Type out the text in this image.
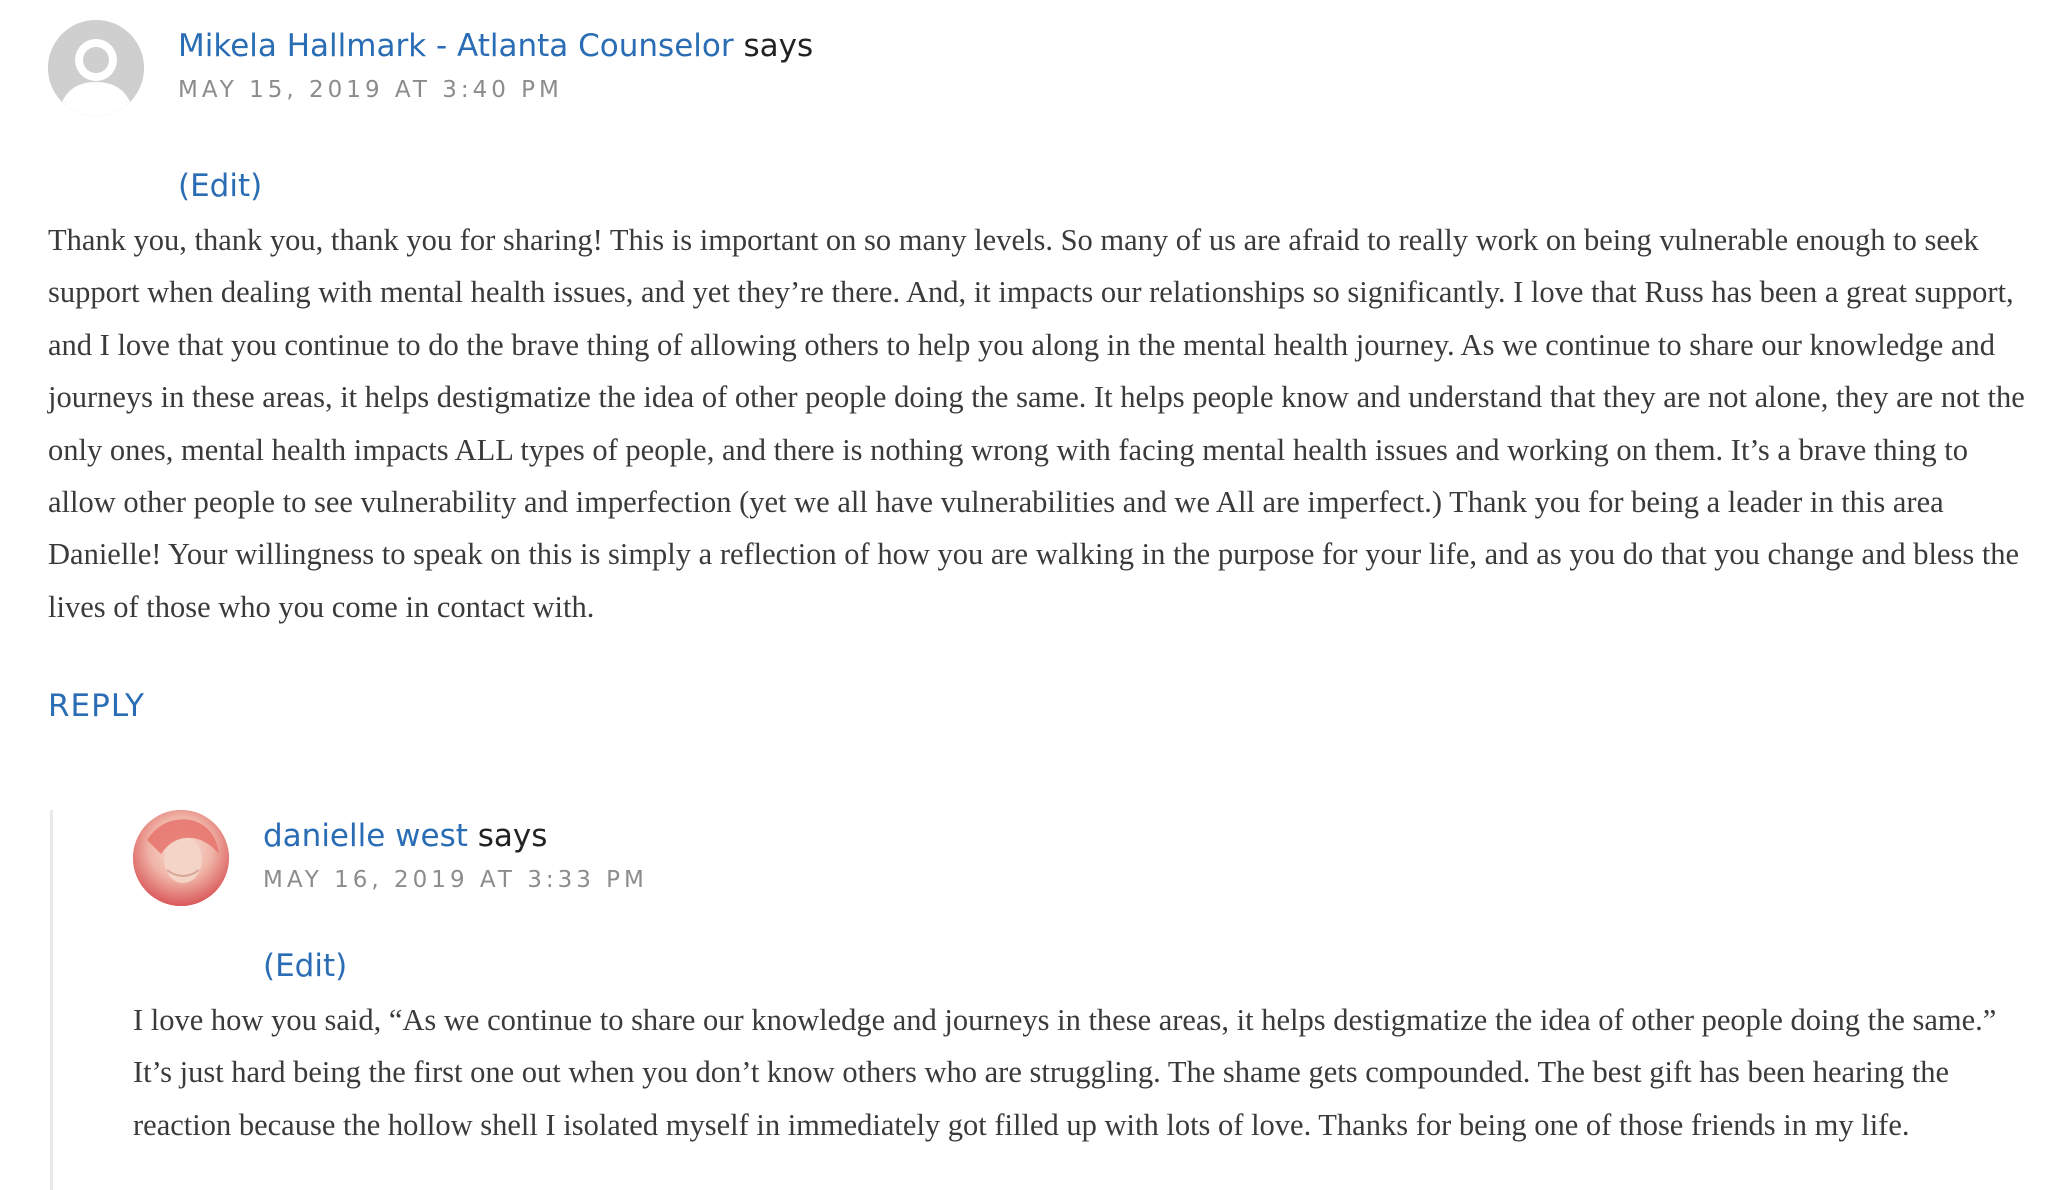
Mikela Hallmark - Atlanta Counselor says
MAY 15, 2019 AT 3:40 PM
(Edit)

Thank you, thank you, thank you for sharing! This is important on so many levels. So many of us are afraid to really work on being vulnerable enough to seek support when dealing with mental health issues, and yet they’re there. And, it impacts our relationships so significantly. I love that Russ has been a great support, and I love that you continue to do the brave thing of allowing others to help you along in the mental health journey. As we continue to share our knowledge and journeys in these areas, it helps destigmatize the idea of other people doing the same. It helps people know and understand that they are not alone, they are not the only ones, mental health impacts ALL types of people, and there is nothing wrong with facing mental health issues and working on them. It’s a brave thing to allow other people to see vulnerability and imperfection (yet we all have vulnerabilities and we All are imperfect.) Thank you for being a leader in this area Danielle! Your willingness to speak on this is simply a reflection of how you are walking in the purpose for your life, and as you do that you change and bless the lives of those who you come in contact with.

REPLY
danielle west says
MAY 16, 2019 AT 3:33 PM
(Edit)

I love how you said, “As we continue to share our knowledge and journeys in these areas, it helps destigmatize the idea of other people doing the same.” It’s just hard being the first one out when you don’t know others who are struggling. The shame gets compounded. The best gift has been hearing the reaction because the hollow shell I isolated myself in immediately got filled up with lots of love. Thanks for being one of those friends in my life.
